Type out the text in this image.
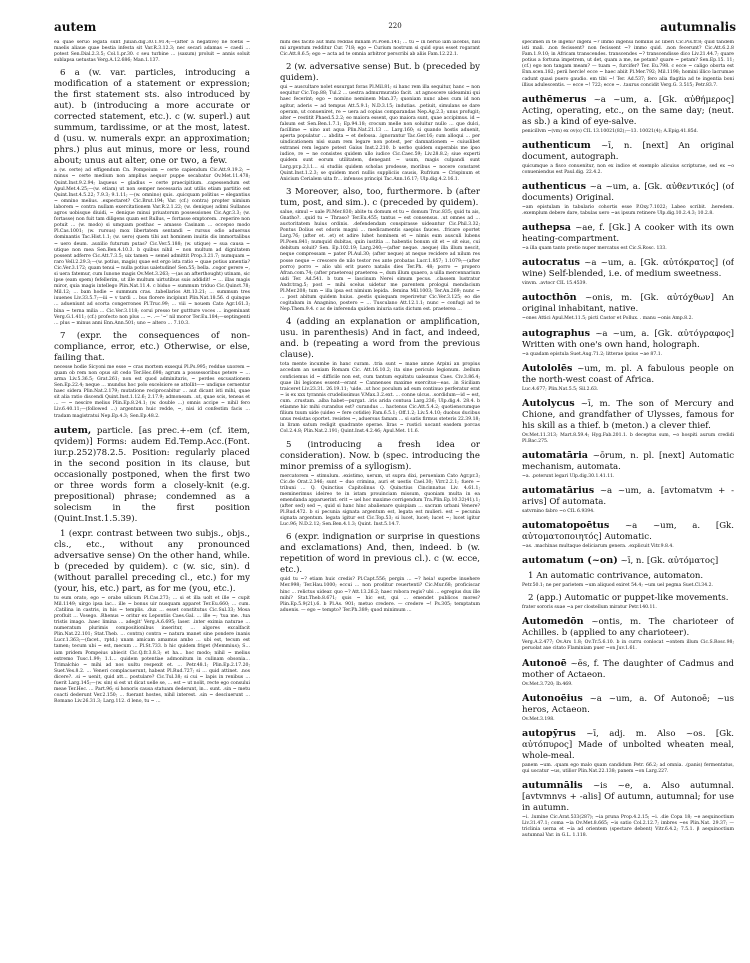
autem	220	autumnalis

ea quae seruo legata sunt Julian.dig.30.1.91.4;—(after a negative) ne foetis ~ maelis aliaue quae bestia infesta sit Var.R.3.12.3; nec secari adamas ~ caedi … potest Sen.Dial.2.3.5; Col.1.pr.30. c seu turbine … (saxum) proluit ~ annis soluit sublapsa uetustas Verg.A.12.686; Man.1.137.

6 a (w. var. particles, introducing a modification of a statement or expression; the first statement sts. also introduced by aut). b (introducing a more accurate or corrected statement, etc.). c (w. superl.) aut summum, tardissime, or at the most, latest. d (usu. w. numerals expr. an approximation; phrs.) plus aut minus, more or less, round about; unus aut alter, one or two, a few.

a (w. certe) ad effigendum Cn. Pompeium ~ certe capiendum Cic.Att.9.19.2; ~ minus ~ certe medium non amplius aequor puppe secabatur Ov.Met.11.478; Quint.Inst.9.2.94; laqueus ~ gladius ~ certe praecipitium. .capessendum est Apul.Met.4.25;—(w. etiam) ut non semper necessaria aut utilis etiam partitio est Quint.Inst.4.5.22; 7.9.3; 9.1.11; —(w. omnino) quis. .quicquam politius ~ elegantius ~ omnino melius. .expectaret? Cic.Brut.194; Var. (cf.) contra) propter nimium laborem ~ contra nullam exercitationem Var.R.2.1.22; (w. denique) adimi Sullanos agros uobisque diuidi, ~ denique minui priuatorum possessiones Cic.Agr.3.3; (w. fortasse) non fuit tam diligens quam est Rullus, ~ fortasse emptorem. .reperire non potuit … (w. modo) si umquam posthac ~ amasso Casinam … occepso modo Pl.Cas.1001; (w. rursus) mox libertatem sentandi ~ rursus odio aduersus dominantis Tac.Hist.1.1; (w. uero) quem tibi aut hominem inuitis dis immortalibus ~ uero deum. .auxilio futurum putas? Cic.Ver.5.188; (w. utique) ~ sua causa ~ utique non mea Sen.Ben.4.10.3. b quibus nihil ~ non multum ad dignitatem possent adferre Cic.Att.7.3.5; uix tamen ~ semel admittit Prop.3.21.7; numquam ~ raro Vell.2.29.3;—(w. potius, magis) quae est ergo ista ratio ~ quae potius amentia? Cic.Ver.3.172; quam tenui ~ nulla potius ualetudine! Sen.55; bella. .cogor gerere ~, si uera fatemur, cum Iunone magis Ov.Met.3.263; —(as an afterthought) utinam, sic ipse (eam spem) fefellerim, ut ille multum uirtutibus suis addidit! ~ … illas magis miror, quia magis intellego Plin.Nat.11.4. c biduo ~ summum triduo Cic.Quinct.78; Mil.12; … bam hodie ~ summum cras. .tabellarios Att.13.21; … summum tres iuuenes Liv.33.5.7;—iii ~ v tardi … bus florere incipiunt Plin.Nat.18.56. d quinque … adueniunt ad scorta congerrones Pl.Truc.99; … viii ~ nouem Cato Agr.161.3; bina ~ terna milia … Cic.Ver.3.118; corui presso ter guttture voces … ingeminant Verg.G.1.411; (cf.) profecto non plus … ~. .— '~' nil moror Ter.Eu.184;—septingenti … plus ~ minus anni Enn.Ann.501; uno ~ altero … 7.10.3.

7 (expr. the consequences of non-compliance, error, etc.) Otherwise, or else, failing that.

necesse hodie Sicyoni me esse ~ cras mortem exsequi Pl.Ps.995; reddue uxorem ~ quam ob rem non opus sit cedo Ter.Hec.698; agrum a possessoribus petere ~ … arma Liv.5.36.5; Grat.261; non est quod adminitaris, ~ perdes excusationem Sen.Ep.22.4; neque … mundus hoc polo excelsiore se attollit—~ undique cernentur haec sidera Plin.Nat.2.179; mutatione reciprocabitur … aut dicant isti mihi, quae sit alia ratio discendi Quint.Inst.1.12.6; 2.17.9; admoneam. .ut, quae scis, teneas et … — ~ nescire melius Plin.Ep.8.24.1; (w. double …) omnis accipe ~ nihil fero Liv.6.40.11;—(followed …) argentum huic redde, ~, nisi id confestim facis … tradam magistratui Nep.Ep.4.3; Sen.Ep.48.2.

autem, particle. [as prec.+-em (cf. item, qvidem)] Forms: audem Ed.Temp.Acc.(Font. iur.p.252)78.2.5. Position: regularly placed in the second position in its clause, but occasionally postponed, when the first two or three words form a closely-knit (e.g. prepositional) phrase; condemned as a solecism in the first position (Quint.Inst.1.5.39).

1 (expr. contrast between two subjs., objs., cls., etc., without any pronounced adversative sense) On the other hand, while. b (preceded by quidem). c (w. sic, sin). d (without parallel preceding cl., etc.) for my (your, his, etc.) part, as for me (you, etc.).

tu eum orato, ego ~ orabo uilicum Pl.Cas.273; … si et illa uolt et ille ~ cupit Mil.1149; uirgo ipsa lac… ille ~ bonus uir nusquam apparet Ter.Eu.660; … cum. .Catilina in castris, in his ~ templis. .dux … esset constitutus Cic.Sul.33; Mosa profluit … Vosego. .Rhenus ~ oritur ex Lepontiis Caes.Gal. … ille ~; 'tua me. .tua tristis imago. .haec limina … adegit' Verg.A.6.695; laser. .inter eximia naturae … numeratum plurimis compositionibus inseritur, … algores excalfacit Plin.Nat.22.101; Stat.Theb. … contra) contra ~ natura manet sine pondere inanis Lucr.1.363;—(facet., rptd.) unam amicam amamus ambo … ubi est, tecum est tamen; tecum ubi ~ est, mecum … Pl.St.733. b hic quidem friget (Memmius); S… iam pridem Pompeius abiecit Cic.Q.fr.3.8.3; et ha… hoc modo; nihil ~ melius extremo Tusc.1.99; 1.1… quidem potentiae admonitum in culinam obsonia… Trimalchio ~ mihi ad nos uultu respexit et. … Petr.48.1; Plin.Ep.2.17.20; Suet.Ves.8.2. … Veneri complacuerunt, habeat Pl.Rud.727; si … quid attinet. .nos dicere?. .si ~ uenit, quid att… postulare? Cic.Tul.38; si cui ~ lapis in renibus … fuerit Larg.145;—(w. sin) si est ut dicat uelle se, … est ~ ut nolit, recte ego consului meae Ter.Hec. … Part.96; si honoris causa statuam dederunt, in… sunt. .sin ~ metu coacti dederunt Ver.2.150; … fuerant hostes, nihil interest. .sin ~ desciuerunt … Romano Liv.26.31.3; Larg.112. d leno, tu ~ …

mihi des facito aut mihi reddas minam Pl.Poen.141; … tu ~ in neruo iam iacebis, nisi mi argentum redditur Cur. 718; ego ~ Curium nostrum si quid opus esset rogarant Cic.Att.8.6.5; ego ~ acta ad te omnia arbitror perscribi ab aliis Fam.12.22.1.

2 (w. adversative sense) But. b (preceded by quidem).

qui ~ auscultare nolet exsurgat foras Pl.Mil.81; si hanc rem illa sequitur, hanc ~ non sequitur Cic.Top.88; Tul.2 … uestra admurmuratio facit. .ut agnoscere uideamini qui haec fecerint; ego ~ nomino neminem Man.37; quoniam nunc abes cum id non agitur, aderis ~ ad tempus Att.5.9.1; N.D.3.15; indutias. .petiuit, simulans se dare operam, ut conueniret, re ~ uera ad copias comparandas Nep.Ag.2.3; unus profugit; alter ~ restitit Phaed.5.2.2; eo maiora essent, quo maiora sunt, quae accipimus. id ~ falsum est Sen.Ben.1.7.1; Ep.94.18; crocum melle non soluitur nullo … que dulci, facillime ~ uino aut aqua Plin.Nat.21.13 … Larg.160; si quando hostis aduenit, aperta populatur … abdita ~ et defossa. .ignorantur Tac.Ger.16; cum alloqui … per uindicationem nisi suam rem legare non potest, per damnationem ~ cuiuslibet extranei rem legare potest Gaius Inst.2.210. b uerbo quidem superabis me ipso iudice, re ~ ne consistes quidem ullo iudice Cic.Caec.59; Liv.28.8.2; siue experti quidem sunt eorum utilitatem, denegant ~ usum, magis culpandi sunt Larg.pr.p.2,l.1… si studiis quidem scholas prodesse, moribus ~ nocere constaret Quint.Inst.1.2.3; se quidem mori nullis suppliciis causis, Rufrium ~ Crispinum et Anicium Cerialem uita fr… infensos principi Tac.Ann.16.17; Ulp.dig.4.2.16.1.

3 Moreover, also, too, furthermore. b (after tum, post, and sim.). c (preceded by quidem).

salue, simul ~ uale Pl.Mer.830; abite tu domum et tu ~ domum Truc.835; quid tu ais, Gnatho?. .quid tu ~ Thraso? Ter.Eu.455; tantus ~ est consensus. .ut omnes ad … auctoritatem huius ordinis. .defendendam conspirasse uideantur Cic.Phil.3.32; Pontus Dolius est odoris magni … medicamentis saepius fauces. .fricare oportet Larg.76; (after et. .et) et adire lubet hominem et ~ nimis eum ausculi lubens Pl.Poen.841; numquid dubitas, quin iustitia … habentis bonum sit et ~ sit eius, cui debitum soluit? Sen. Ep.102.19; Larg.240;—(after neque. .neque) illa illum nescit, neque compressam ~ pater Pl.Aul.30; (after neque) at neque recidere ad nilum res posse neque ~ crescere de nilo testor res ante probatas Lucr.1.857; 1.1079;—(after porro) porro ~ alio ubi erit puero natalis dies Ter.Ph. 48; porro ~ propero Afran.com.74; (after praeterea) praeterea ~, dum illum quaero, a uilla mercennarium uidi Ter. Ad.541. b tum ~ lascinum Nerei simum pecus. .classem lustratur Andr.trag.5; post ~ mihi scelus uidetur me parentem prologui mendacium Pl.Mer.208; tum ~ illa ipsa est nimium lepida. .femina Mil.1003; Ter.An.269; nunc ~ … post abitum quidem huius. .pestis quisquam reperiretur Cic.Ver.3.125; eo die cogitabam in Anagnino, postero ~ … Tusculano Att.12.1.1; nunc ~ confugi ad te Nep.Them.9.4. c ac de inferenda quidem iniuria satis dictum est. praeterea …

4 (adding an explanation or amplification, usu. in parenthesis) And in fact, and indeed, and. b (repeating a word from the previous clause).

tota mente incumbe in hanc curam. .tria sunt ~ mane amne Arpini an propius accedam an ueniam Romam Cic. Att.16.10.2; ita sine periculo legionum. .bellum conficiemus id ~ difficile non est, cum tantum equitatu ualeamus Caes. Civ.3.86.4; quae ibi legiones essent—erant ~ Cannenses maxime exercitus—eas. .in Siciliam traiceret Liv.23.31. 26.19.11; 'uide. .ut hoc poculum ad eum continuo perferatur erat ~ is ex xxx tyrannis crudelissimus V.Max.3.2.ext. … conne ulcus. .sordidum—id ~ est, cum. .crustam. .alba habet—purgat. .iris arida contusa Larg.236; Ulp.dig.4. 28.4. b etiamne hic mihi curandus est? curandus … hactenus Cic.Att.5.4.2; quotienscumque filium tuum uide (uideo ~ fere cotidie) Fam.6.5.1; Off.1.2; Liv.5.4.10; duobus ducibus unus resistas oportet. resistes ~, aduersus famam … si satis firmus steteris 22.39.18; in liram satum redigit quadrante operae. liras ~ rustici uocant easdem porcas Col.2.4.8; Plin.Nat.2.191; Quint.Inst.4.2.46; Apul.Met. 11.6.

5 (introducing a fresh idea or consideration). Now. b (spec. introducing the minor premiss of a syllogism).

mercatorem ~ stimulum. .existimo, uerum, ut supra dixi, perueniam Cato Agr.pr.3; Cic.de Orat.2.346; sunt ~ duo crimina, auri et uestis Cael.30; Virr.2.2.1; fuere ~ tribuni … Q. Quinctius Capitolinus Q. Quinctius Cincinnatus Liv. 4.61.1; meminerimus ideireo te in istam prouinciam missum, quoniam multa in ea emendanda apparuerint. erit ~ uel hoc maxime corrigendum Tra.Plin.Ep.10.32(41).1; (after sed) sed ~, quid si hanc hinc abalienare quispiam … sacram urbani Venere? Pl.Rud.472. b si pecunia signata argentum est, legata est mulieri. est ~ pecunia signata argentum. legata igitur est Cic.Top.53; si lucet, lucet; lucet ~; lucet igitur Luc.96; N.D.2.12; Sen.Ben.4.1.3; Quint. Inst.5.14.7.

6 (expr. indignation or surprise in questions and exclamations) And, then, indeed. b (w. repetition of word in previous cl.). c (w. ecce, etc.).

quid tu ~? etiam huic credis? Pl.Capt.556; pergin … ~? heia! superbe inuehere Mer.998; Ter.Hau.1000; eccui … non proditur reuertenti? Cic.Mur.68; proficiscar hinc … relictus uidear. quo ~? Att.13.26.2; haec robora regis? ubi … egregius dux ille mihi? Stat.Theb.8.671; quis ~ hic est, qui … emendet publicos mores? Plin.Ep.5.9(21).6. b Pl.As. 901; metuo credere. — credere ~! Ps.305; temptatum aduenis. — ego ~ tempto? Ter.Ph.389; quod minimum …

specimen in te ingeni? ingeni ~? immo ingenui hominis ac liberi Cic.Pis.fr.8; quid tandem isti mali. .non fecissent? non fecissent ~? immo quid. .non fecerunt? Cic.Att.6.2.8 Fam.1.9.10; in Africam transcendes. transcendes ~? transcendisse dico Liv.21.44.7; quare potius a fortuna impetrem, ut det, quam a me, ne petam? quare ~ petam? Sen.Ep.15. 11; (cf.) ego non tangam meam? — tuam ~, furcifer? Ter. Eu.798. c ecce ~ caligo oborta est Enn.scen.182; perii hercle! ecce ~ haec abiit Pl.Mer.792; Mil.1198; homini illico lacrumae cadunt quasi puero gaudio. em tibi ~! Ter. Ad.537; fero alia flagitia ad te ingentia boni illius adulescentis. — ecce ~! 722; ecce ~. .taurus concidit Verg.G. 3.515; Petr.83.7.

authēmerus ~a ~um, a. [Gk. αὐθήμερος] Acting, operating, etc., on the same day; (neut. as sb.) a kind of eye-salve.

penicillvm ~(vm) ex ov(o) CIL 13.10021(82);—13. 10021(4); A.Epig.41.85d.

authenticum ~ī, n. [next] An original document, autograph.

quicumque a fisco conuenitur, non ex indice et exemplo alicuius scripturae, sed ex ~o conueniendus est Paul.dig. 22.4.2.

authenticus ~a ~um, a. [Gk. αὐθεντικός] (of documents) Original.

~am epistulam in tabulario cohortis esse P.Oxy.7.1022; Labeo scribit. .heredem. .exemplum debere dare, tabulas uero ~as ipsum retinere Ulp.dig.10.2.4.3; 10.2.8.

authepsa ~ae, f. [Gk.] A cooker with its own heating-compartment.

~a illa quam tanto pretio nuper mercatus est Cic.S.Rosc. 133.

autocratus ~a ~um, a. [Gk. αὐτόκρατος] (of wine) Self-blended, i.e. of medium sweetness.

vinvm. .avtocr CIL 15.4539.

autocthōn ~onis, m. [Gk. αὐτόχθων] An original inhabitant, native.

~ones Attici Apul.Met.11.5; picti Castor et Pollux. . manu ~onis Amp.8.2.

autographus ~a ~um, a. [Gk. αὐτόγραφος] Written with one's own hand, holograph.

~a quadam epistula Suet.Aug.71.2; litterae ipsius ~ae 87.1.

Autololēs ~um, m. pl. A fabulous people on the north-west coast of Africa.

Luc.4.677; Plin.Nat.5.5; Sil.2.63.

Autolycus ~ī, m. The son of Mercury and Chione, and grandfather of Ulysses, famous for his skill as a thief. b (meton.) a clever thief.

Ov.Met.11.313; Mart.8.59.4; Hyg.Fab.201.1. b deceptus sum, ~o hospiti aurum credidi Pl.Bac.275.

automatāria ~ōrum, n. pl. [next] Automatic mechanism, automata.

~a. .poterunt legari Ulp.dig.30.1.41.11.

automatārius ~a ~um, a. [avtomatvm + -arivs] Of automata.

satvrnino fabro ~o CIL 6.9394.

automatopoētus ~a ~um, a. [Gk. αὐτοματοποιητός] Automatic.

~as. .machinas multaque deliciarum genera. .explicuit Vitr.9.8.4.

automatum (~on) ~ī, n. [Gk. αὐτόματος]

1 An automatic contrivance, automaton.

Petr.50.1; ne per parietem ~um aliquod exiret 54.4; ~um uel pegma Suet.Cl.34.2.

2 (app.) Automatic or puppet-like movements.

frater sororis suae ~a per clostellum miratur Petr.140.11.

Automedōn ~ontis, m. The charioteer of Achilles. b (applied to any charioteer).

Verg.A.2.477; Ov.Ars 1.8; Ov.Tr.5.6.10. b in curru conlocat ~ontem illum Cic.S.Rosc.98; peruolat axe citato Flaminiam puer ~on Juv.1.61.

Autonoē ~ēs, f. The daughter of Cadmus and mother of Actaeon.

Ov.Met.3.720; Ib.469.

Autonoēius ~a ~um, a. Of Autonoē; ~us heros, Actaeon.

Ov.Met.3.198.

autopȳrus ~ī, adj. m. Also ~os. [Gk. αὐτόπυρος] Made of unbolted wheaten meal, whole-meal.

panem ~um. .quam ego malo quam candidum Petr. 66.2; ad omnia. .(panis) fermentatus, qui uocatur ~us, utilior Plin.Nat.22.138; panem ~on Larg.227.

autumnālis ~is ~e, a. Also autumnal. [avtvmnvs + -alis] Of autumn, autumnal; for use in autumn.

~i. .lumine Cic.Arat.533(287); ~ia pruna Prop.4.2.15; ~i. .die Copa 18; ~e aequinoctium Liv.31.47.1; coma ~ia Ov.Met.8.665; ~is satio Col.2.12.7; imbres ~es Plin.Nat. 29.37; —triclinia uerna et ~ia ad orientem (spectare debent) Vitr.6.4.2; 7.5.1. β aequinoctium autumnal Var. in G.L. 1.118.
